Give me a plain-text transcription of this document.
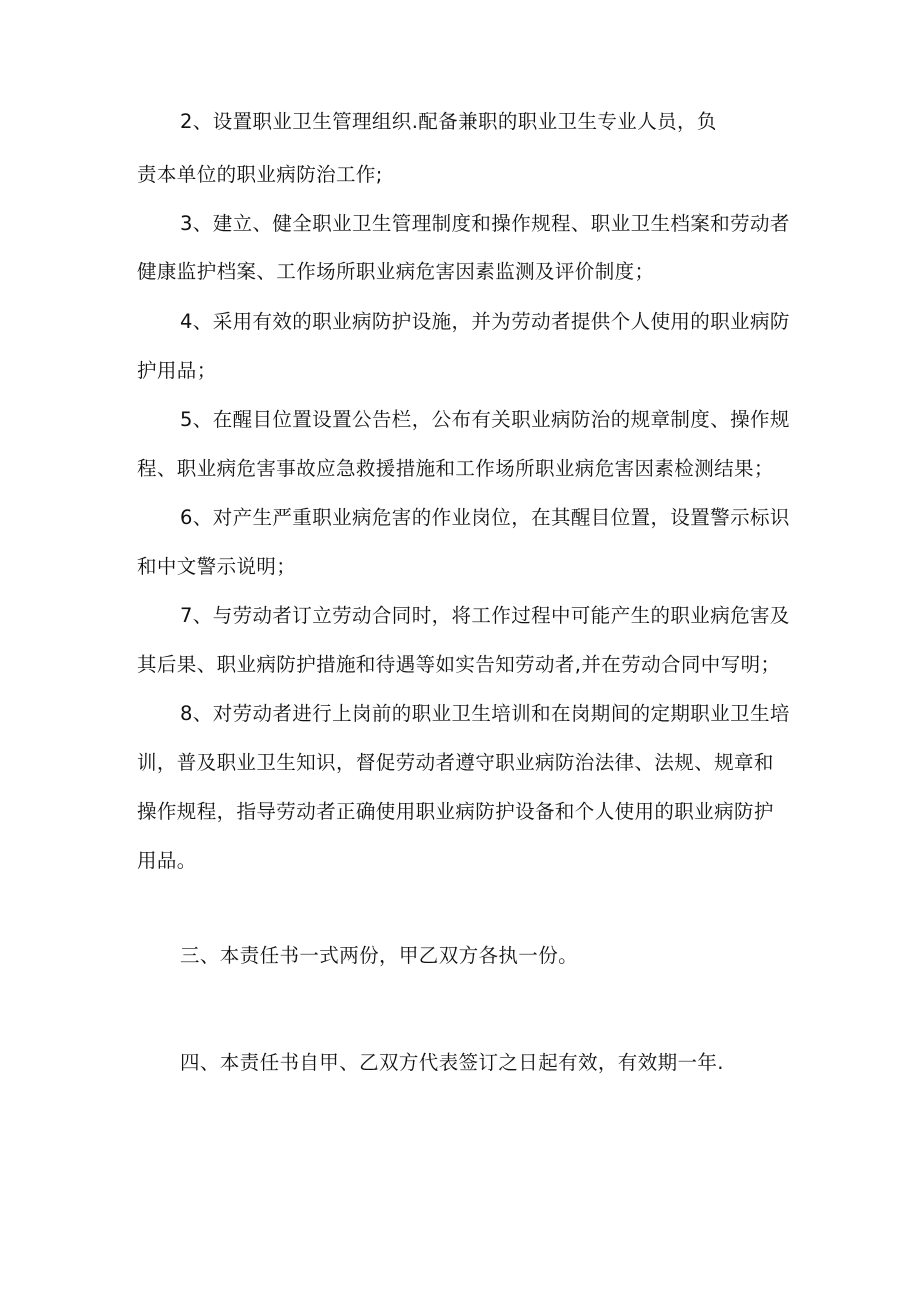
2、设置职业卫生管理组织.配备兼职的职业卫生专业人员，负
责本单位的职业病防治工作;
3、建立、健全职业卫生管理制度和操作规程、职业卫生档案和劳动者
健康监护档案、工作场所职业病危害因素监测及评价制度；
4、采用有效的职业病防护设施，并为劳动者提供个人使用的职业病防
护用品；
5、在醒目位置设置公告栏，公布有关职业病防治的规章制度、操作规
程、职业病危害事故应急救援措施和工作场所职业病危害因素检测结果；
6、对产生严重职业病危害的作业岗位，在其醒目位置，设置警示标识
和中文警示说明；
7、与劳动者订立劳动合同时，将工作过程中可能产生的职业病危害及
其后果、职业病防护措施和待遇等如实告知劳动者,并在劳动合同中写明；
8、对劳动者进行上岗前的职业卫生培训和在岗期间的定期职业卫生培
训，普及职业卫生知识，督促劳动者遵守职业病防治法律、法规、规章和
操作规程，指导劳动者正确使用职业病防护设备和个人使用的职业病防护
用品。
三、本责任书一式两份，甲乙双方各执一份。
四、本责任书自甲、乙双方代表签订之日起有效，有效期一年.
